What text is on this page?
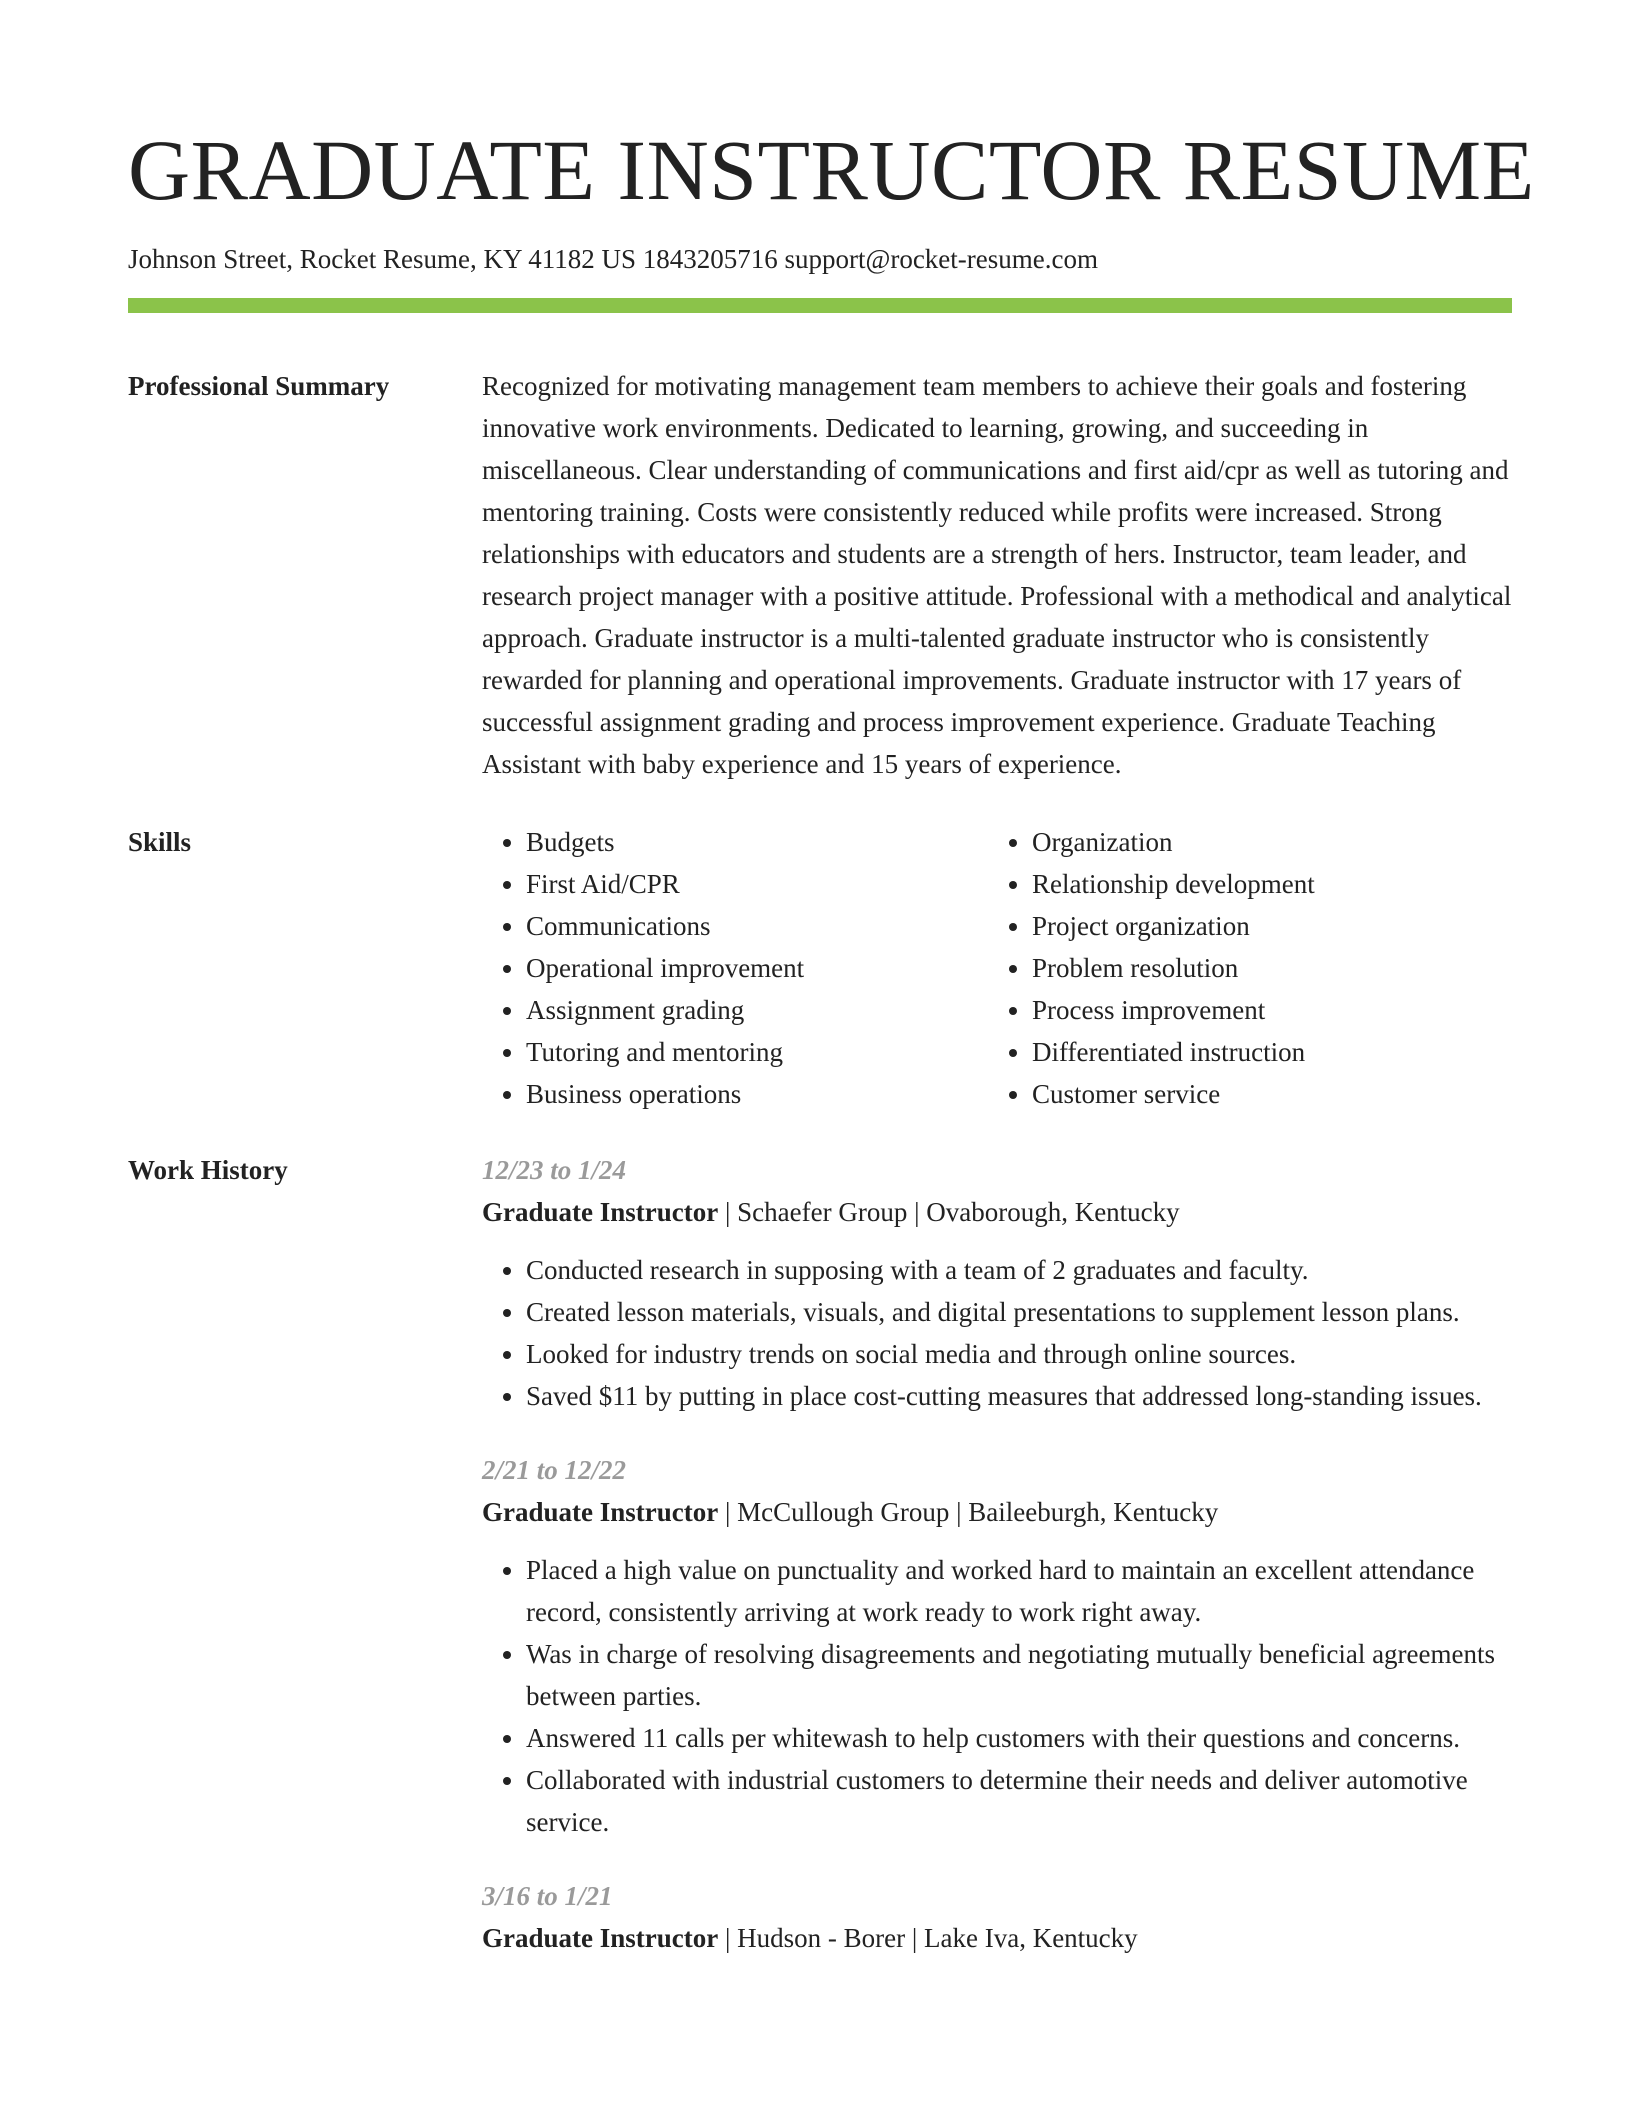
GRADUATE INSTRUCTOR RESUME
Johnson Street, Rocket Resume, KY 41182 US 1843205716 support@rocket-resume.com
Professional Summary	Recognized for motivating management team members to achieve their goals and fostering innovative work environments. Dedicated to learning, growing, and succeeding in miscellaneous. Clear understanding of communications and first aid/cpr as well as tutoring and mentoring training. Costs were consistently reduced while profits were increased. Strong relationships with educators and students are a strength of hers. Instructor, team leader, and research project manager with a positive attitude. Professional with a methodical and analytical approach. Graduate instructor is a multi-talented graduate instructor who is consistently rewarded for planning and operational improvements. Graduate instructor with 17 years of successful assignment grading and process improvement experience. Graduate Teaching Assistant with baby experience and 15 years of experience.

Skills
•	Budgets
• First Aid/CPR
• Communications
• Operational improvement
• Assignment grading
• Tutoring and mentoring
• Business operations
• Organization
• Relationship development
• Project organization
• Problem resolution
• Process improvement
• Differentiated instruction
• Customer service
Work History	12/23 to 1/24
Graduate Instructor | Schaefer Group | Ovaborough, Kentucky
• Conducted research in supposing with a team of 2 graduates and faculty.
• Created lesson materials, visuals, and digital presentations to supplement lesson plans.
• Looked for industry trends on social media and through online sources.
• Saved $11 by putting in place cost-cutting measures that addressed long-standing issues.
2/21 to 12/22
Graduate Instructor | McCullough Group | Baileeburgh, Kentucky
• Placed a high value on punctuality and worked hard to maintain an excellent attendance record, consistently arriving at work ready to work right away.
• Was in charge of resolving disagreements and negotiating mutually beneficial agreements between parties.
• Answered 11 calls per whitewash to help customers with their questions and concerns.
• Collaborated with industrial customers to determine their needs and deliver automotive service.
3/16 to 1/21
Graduate Instructor | Hudson - Borer | Lake Iva, Kentucky
